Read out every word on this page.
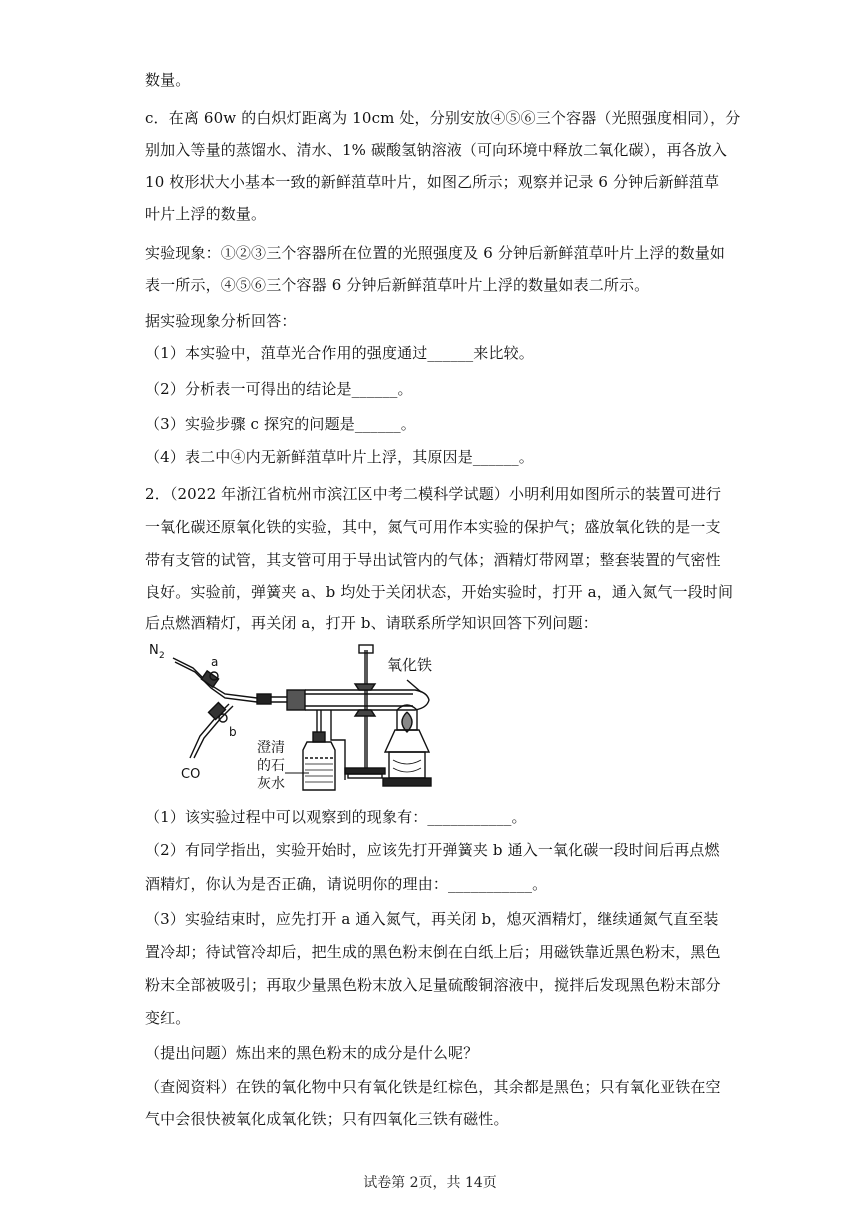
数量。
c．在离 60w 的白炽灯距离为 10cm 处，分别安放④⑤⑥三个容器（光照强度相同），分
别加入等量的蒸馏水、清水、1% 碳酸氢钠溶液（可向环境中释放二氧化碳），再各放入
10 枚形状大小基本一致的新鲜菹草叶片，如图乙所示；观察并记录 6 分钟后新鲜菹草
叶片上浮的数量。
实验现象：①②③三个容器所在位置的光照强度及 6 分钟后新鲜菹草叶片上浮的数量如
表一所示，④⑤⑥三个容器 6 分钟后新鲜菹草叶片上浮的数量如表二所示。
据实验现象分析回答：
（1）本实验中，菹草光合作用的强度通过______来比较。
（2）分析表一可得出的结论是______。
（3）实验步骤 c 探究的问题是______。
（4）表二中④内无新鲜菹草叶片上浮，其原因是______。
2．（2022 年浙江省杭州市滨江区中考二模科学试题）小明利用如图所示的装置可进行
一氧化碳还原氧化铁的实验，其中，氮气可用作本实验的保护气；盛放氧化铁的是一支
带有支管的试管，其支管可用于导出试管内的气体；酒精灯带网罩；整套装置的气密性
良好。实验前，弹簧夹 a、b 均处于关闭状态，开始实验时，打开 a，通入氮气一段时间
后点燃酒精灯，再关闭 a，打开 b、请联系所学知识回答下列问题：
（1）该实验过程中可以观察到的现象有：___________。
（2）有同学指出，实验开始时，应该先打开弹簧夹 b 通入一氧化碳一段时间后再点燃
酒精灯，你认为是否正确，请说明你的理由：___________。
（3）实验结束时，应先打开 a 通入氮气，再关闭 b，熄灭酒精灯，继续通氮气直至装
置冷却；待试管冷却后，把生成的黑色粉末倒在白纸上后；用磁铁靠近黑色粉末，黑色
粉末全部被吸引；再取少量黑色粉末放入足量硫酸铜溶液中，搅拌后发现黑色粉末部分
变红。
（提出问题）炼出来的黑色粉末的成分是什么呢？
（查阅资料）在铁的氧化物中只有氧化铁是红棕色，其余都是黑色；只有氧化亚铁在空
气中会很快被氧化成氧化铁；只有四氧化三铁有磁性。
N 2	a
b
CO
氧化铁
澄清
的石
灰水
试卷第 2页，共 14页
